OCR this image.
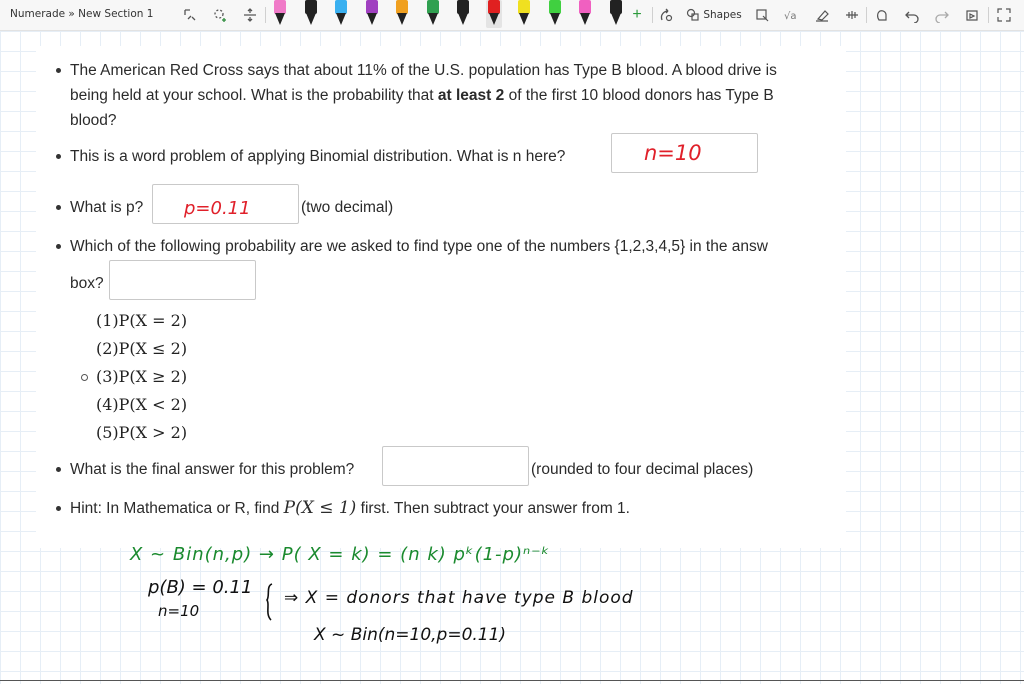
Numerade » New Section 1	+	Shapes	√a
The American Red Cross says that about 11% of the U.S. population has Type B blood. A blood drive is
being held at your school. What is the probability that at least 2 of the first 10 blood donors has Type B
blood?
This is a word problem of applying Binomial distribution. What is n here?	n=10
What is p? p=0.11	(two decimal)
Which of the following probability are we asked to find type one of the numbers {1,2,3,4,5} in the answ
box?
(1)P(X = 2)
(2)P(X ≤ 2)
(3)P(X ≥ 2)
(4)P(X < 2)
(5)P(X > 2)
What is the final answer for this problem?	(rounded to four decimal places)
Hint: In Mathematica or R, find P(X ≤ 1) first. Then subtract your answer from 1.
X ~ Bin(n,p) → P( X = k) = (n k) pᵏ(1-p)ⁿ⁻ᵏ
p(B) = 0.11
n=10
⇒ X = donors that have type B blood
X ~ Bin(n=10,p=0.11)
